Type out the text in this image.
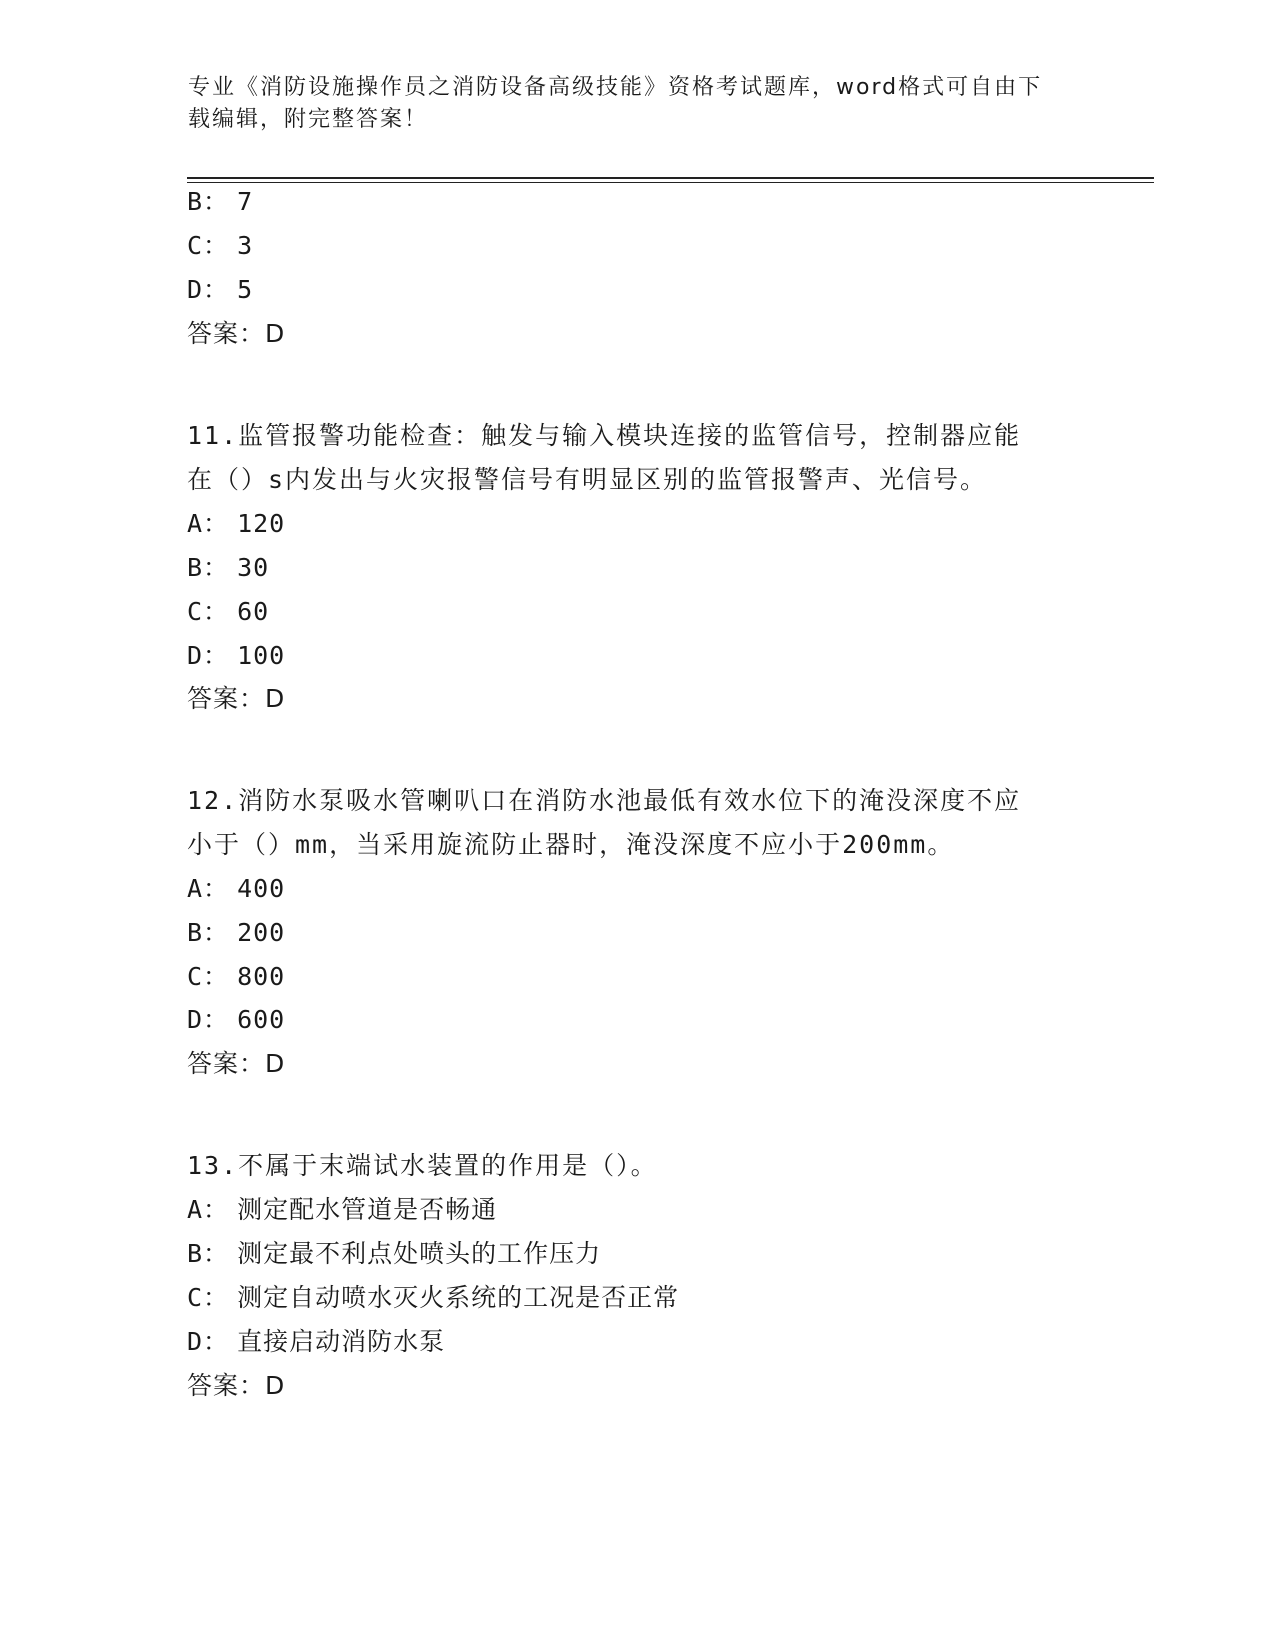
专业《消防设施操作员之消防设备高级技能》资格考试题库，word格式可自由下
载编辑，附完整答案！
B： 7
C： 3
D： 5
答案：D
11.监管报警功能检查：触发与输入模块连接的监管信号，控制器应能
在（）s内发出与火灾报警信号有明显区别的监管报警声、光信号。
A： 120
B： 30
C： 60
D： 100
答案：D
12.消防水泵吸水管喇叭口在消防水池最低有效水位下的淹没深度不应
小于（）mm，当采用旋流防止器时，淹没深度不应小于200mm。
A： 400
B： 200
C： 800
D： 600
答案：D
13.不属于末端试水装置的作用是（）。
A： 测定配水管道是否畅通
B： 测定最不利点处喷头的工作压力
C： 测定自动喷水灭火系统的工况是否正常
D： 直接启动消防水泵
答案：D
